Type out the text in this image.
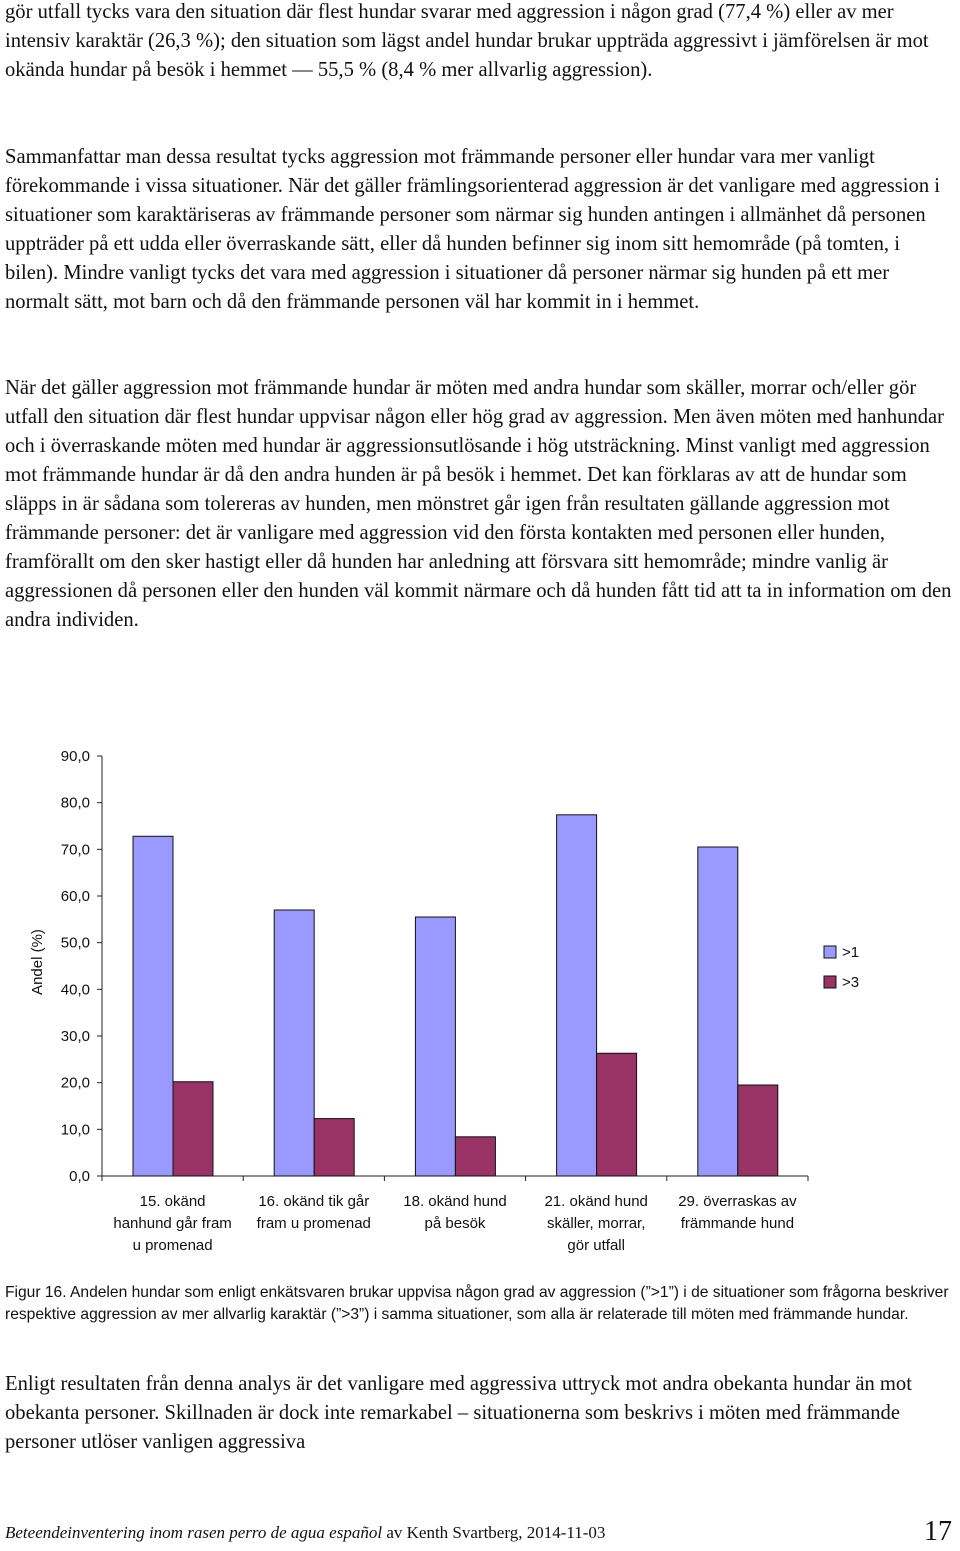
gör utfall tycks vara den situation där flest hundar svarar med aggression i någon grad (77,4 %) eller av mer intensiv karaktär (26,3 %); den situation som lägst andel hundar brukar uppträda aggressivt i jämförelsen är mot okända hundar på besök i hemmet — 55,5 % (8,4 % mer allvarlig aggression).

Sammanfattar man dessa resultat tycks aggression mot främmande personer eller hundar vara mer vanligt förekommande i vissa situationer. När det gäller främlingsorienterad aggression är det vanligare med aggression i situationer som karaktäriseras av främmande personer som närmar sig hunden antingen i allmänhet då personen uppträder på ett udda eller överraskande sätt, eller då hunden befinner sig inom sitt hemområde (på tomten, i bilen). Mindre vanligt tycks det vara med aggression i situationer då personer närmar sig hunden på ett mer normalt sätt, mot barn och då den främmande personen väl har kommit in i hemmet.

När det gäller aggression mot främmande hundar är möten med andra hundar som skäller, morrar och/eller gör utfall den situation där flest hundar uppvisar någon eller hög grad av aggression. Men även möten med hanhundar och i överraskande möten med hundar är aggressionsutlösande i hög utsträckning. Minst vanligt med aggression mot främmande hundar är då den andra hunden är på besök i hemmet. Det kan förklaras av att de hundar som släpps in är sådana som tolereras av hunden, men mönstret går igen från resultaten gällande aggression mot främmande personer: det är vanligare med aggression vid den första kontakten med personen eller hunden, framförallt om den sker hastigt eller då hunden har anledning att försvara sitt hemområde; mindre vanlig är aggressionen då personen eller den hunden väl kommit närmare och då hunden fått tid att ta in information om den andra individen.

0,0
10,0
20,0
30,0
40,0
50,0
60,0
70,0
80,0
90,0
Andel (%)
15. okänd
hanhund går fram
u promenad
16. okänd tik går
fram u promenad
18. okänd hund
på besök
21. okänd hund
skäller, morrar,
gör utfall
29. överraskas av
främmande hund
>1
>3

Figur 16. Andelen hundar som enligt enkätsvaren brukar uppvisa någon grad av aggression (”>1”) i de situationer som frågorna beskriver respektive aggression av mer allvarlig karaktär (”>3”) i samma situationer, som alla är relaterade till möten med främmande hundar.

Enligt resultaten från denna analys är det vanligare med aggressiva uttryck mot andra obekanta hundar än mot obekanta personer. Skillnaden är dock inte remarkabel – situationerna som beskrivs i möten med främmande personer utlöser vanligen aggressiva

Beteendeinventering inom rasen perro de agua español av Kenth Svartberg, 2014-11-03	17
